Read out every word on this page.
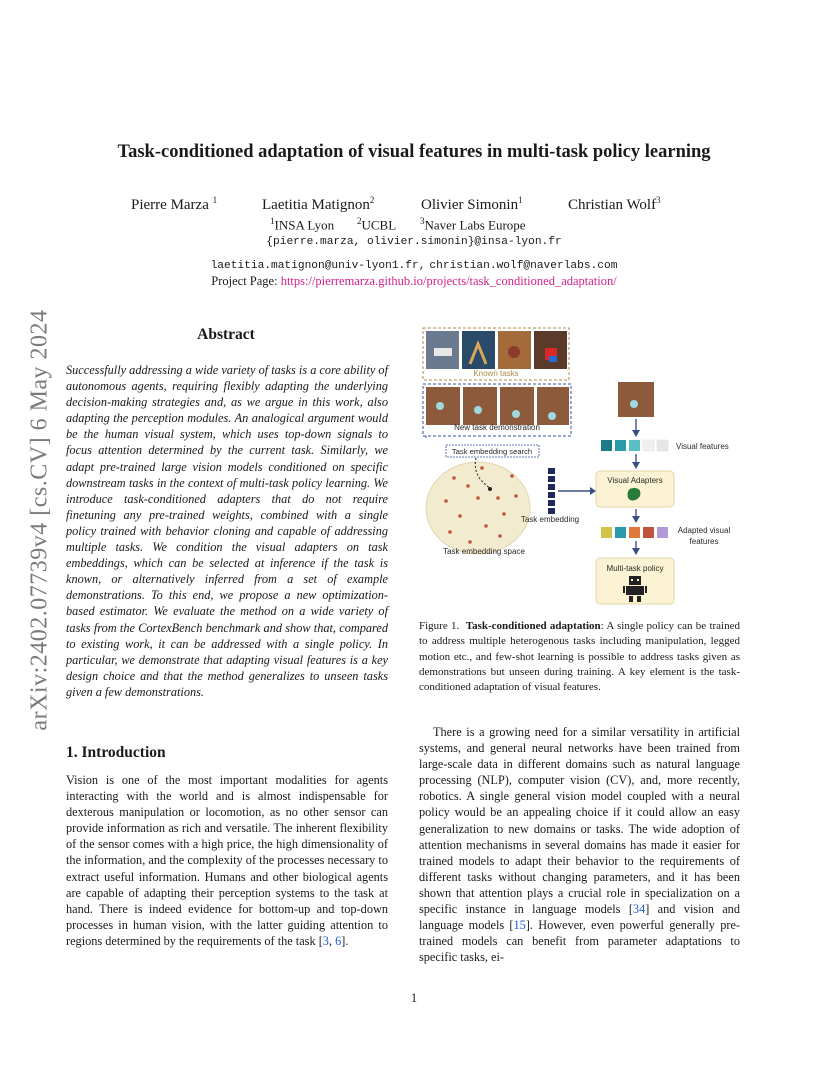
arXiv:2402.07739v4 [cs.CV] 6 May 2024
Task-conditioned adaptation of visual features in multi-task policy learning
Pierre Marza $^1$	Laetitia Matignon$^2$	Olivier Simonin$^1$	Christian Wolf$^3$
$^1$INSA Lyon	$^2$UCBL	$^3$Naver Labs Europe
{pierre.marza, olivier.simonin}@insa-lyon.fr
laetitia.matignon@univ-lyon1.fr, christian.wolf@naverlabs.com
Project Page: https://pierremarza.github.io/projects/task_conditioned_adaptation/
Abstract
Successfully addressing a wide variety of tasks is a core ability of autonomous agents, requiring flexibly adapting the underlying decision-making strategies and, as we argue in this work, also adapting the perception modules. An analogical argument would be the human visual system, which uses top-down signals to focus attention determined by the current task. Similarly, we adapt pre-trained large vision models conditioned on specific downstream tasks in the context of multi-task policy learning. We introduce task-conditioned adapters that do not require finetuning any pre-trained weights, combined with a single policy trained with behavior cloning and capable of addressing multiple tasks. We condition the visual adapters on task embeddings, which can be selected at inference if the task is known, or alternatively inferred from a set of example demonstrations. To this end, we propose a new optimization-based estimator. We evaluate the method on a wide variety of tasks from the CortexBench benchmark and show that, compared to existing work, it can be addressed with a single policy. In particular, we demonstrate that adapting visual features is a key design choice and that the method generalizes to unseen tasks given a few demonstrations.
1. Introduction
Vision is one of the most important modalities for agents interacting with the world and is almost indispensable for dexterous manipulation or locomotion, as no other sensor can provide information as rich and versatile. The inherent flexibility of the sensor comes with a high price, the high dimensionality of the information, and the complexity of the processes necessary to extract useful information. Humans and other biological agents are capable of adapting their perception systems to the task at hand. There is indeed evidence for bottom-up and top-down processes in human vision, with the latter guiding attention to regions determined by the requirements of the task [3, 6].
Known tasks
New task demonstration
Task embedding search
Task embedding space
Task embedding
Visual features
Visual Adapters
Adapted visual
features
Multi-task policy
Figure 1. Task-conditioned adaptation: A single policy can be trained to address multiple heterogenous tasks including manipulation, legged motion etc., and few-shot learning is possible to address tasks given as demonstrations but unseen during training. A key element is the task-conditioned adaptation of visual features.
There is a growing need for a similar versatility in artificial systems, and general neural networks have been trained from large-scale data in different domains such as natural language processing (NLP), computer vision (CV), and, more recently, robotics. A single general vision model coupled with a neural policy would be an appealing choice if it could allow an easy generalization to new domains or tasks. The wide adoption of attention mechanisms in several domains has made it easier for trained models to adapt their behavior to the requirements of different tasks without changing parameters, and it has been shown that attention plays a crucial role in specialization on a specific instance in language models [34] and vision and language models [15]. However, even powerful generally pre-trained models can benefit from parameter adaptations to specific tasks, ei-
1
